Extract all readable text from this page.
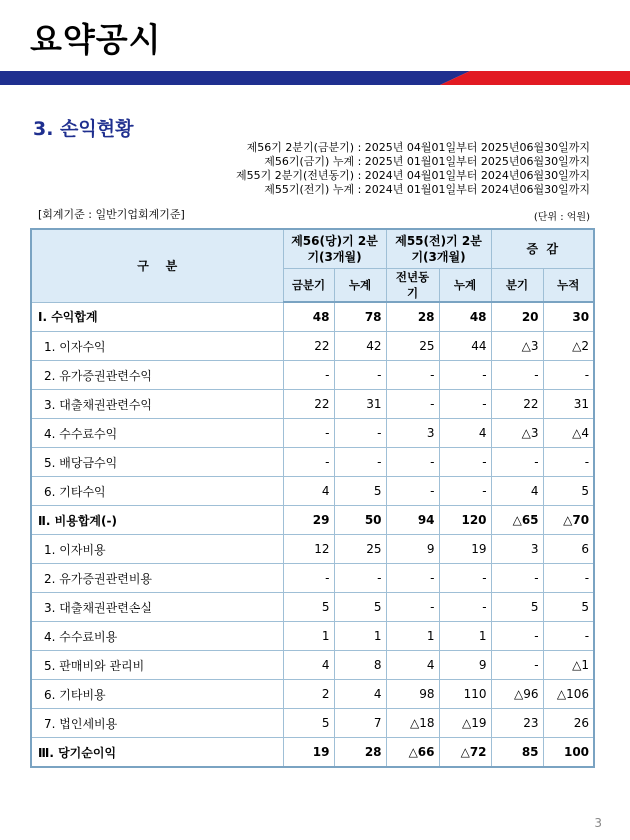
요약공시
3. 손익현황
제56기 2분기(금분기) : 2025년 04월01일부터 2025년06월30일까지
제56기(금기) 누계 : 2025년 01월01일부터 2025년06월30일까지
제55기 2분기(전년동기) : 2024년 04월01일부터 2024년06월30일까지
제55기(전기) 누계 : 2024년 01월01일부터 2024년06월30일까지
[회계기준 : 일반기업회계기준]	(단위 : 억원)
구    분	제56(당)기 2분기(3개월)		제55(전)기 2분기(3개월)		증  감	
	금분기	누계	전년동기	누계	분기	누적
Ⅰ. 수익합계	48	78	28	48	20	30
1. 이자수익	22	42	25	44	△3	△2
2. 유가증권관련수익	-	-	-	-	-	-
3. 대출채권관련수익	22	31	-	-	22	31
4. 수수료수익	-	-	3	4	△3	△4
5. 배당금수익	-	-	-	-	-	-
6. 기타수익	4	5	-	-	4	5
Ⅱ. 비용합계(-)	29	50	94	120	△65	△70
1. 이자비용	12	25	9	19	3	6
2. 유가증권관련비용	-	-	-	-	-	-
3. 대출채권관련손실	5	5	-	-	5	5
4. 수수료비용	1	1	1	1	-	-
5. 판매비와 관리비	4	8	4	9	-	△1
6. 기타비용	2	4	98	110	△96	△106
7. 법인세비용	5	7	△18	△19	23	26
Ⅲ. 당기순이익	19	28	△66	△72	85	100
3
